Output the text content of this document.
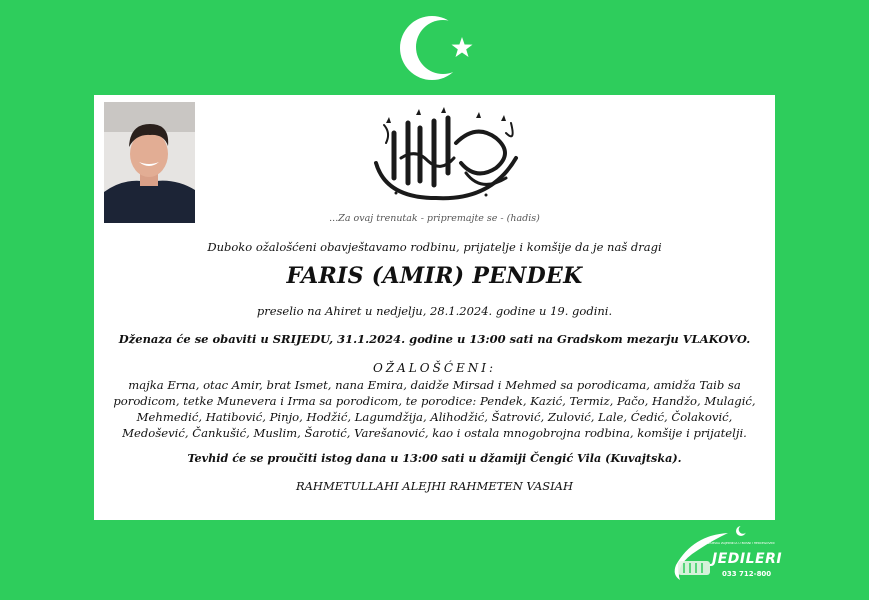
...Za ovaj trenutak - pripremajte se - (hadis)
Duboko ožalošćeni obavještavamo rodbinu, prijatelje i komšije da je naš dragi
FARIS (AMIR) PENDEK
preselio na Ahiret u nedjelju, 28.1.2024. godine u 19. godini.
Dženaza će se obaviti u SRIJEDU, 31.1.2024. godine u 13:00 sati na Gradskom mezarju VLAKOVO.
OŽALOŠĆENI:
majka Erna, otac Amir, brat Ismet, nana Emira, daidže Mirsad i Mehmed sa porodicama, amidža Taib sa
porodicom, tetke Munevera i Irma sa porodicom, te porodice: Pendek, Kazić, Termiz, Pačo, Handžo, Mulagić,
Mehmedić, Hatibović, Pinjo, Hodžić, Lagumdžija, Alihodžić, Šatrović, Zulović, Lale, Ćedić, Čolaković,
Medošević, Čankušić, Muslim, Šarotić, Varešanović, kao i ostala mnogobrojna rodbina, komšije i prijatelji.
Tevhid će se proučiti istog dana u 13:00 sati u džamiji Čengić Vila (Kuvajtska).
RAHMETULLAHI ALEJHI RAHMETEN VASIAH
ISLAMSKA ZAJEDNICA U BOSNI I HERCEGOVINI
JEDILERI
033 712-800
